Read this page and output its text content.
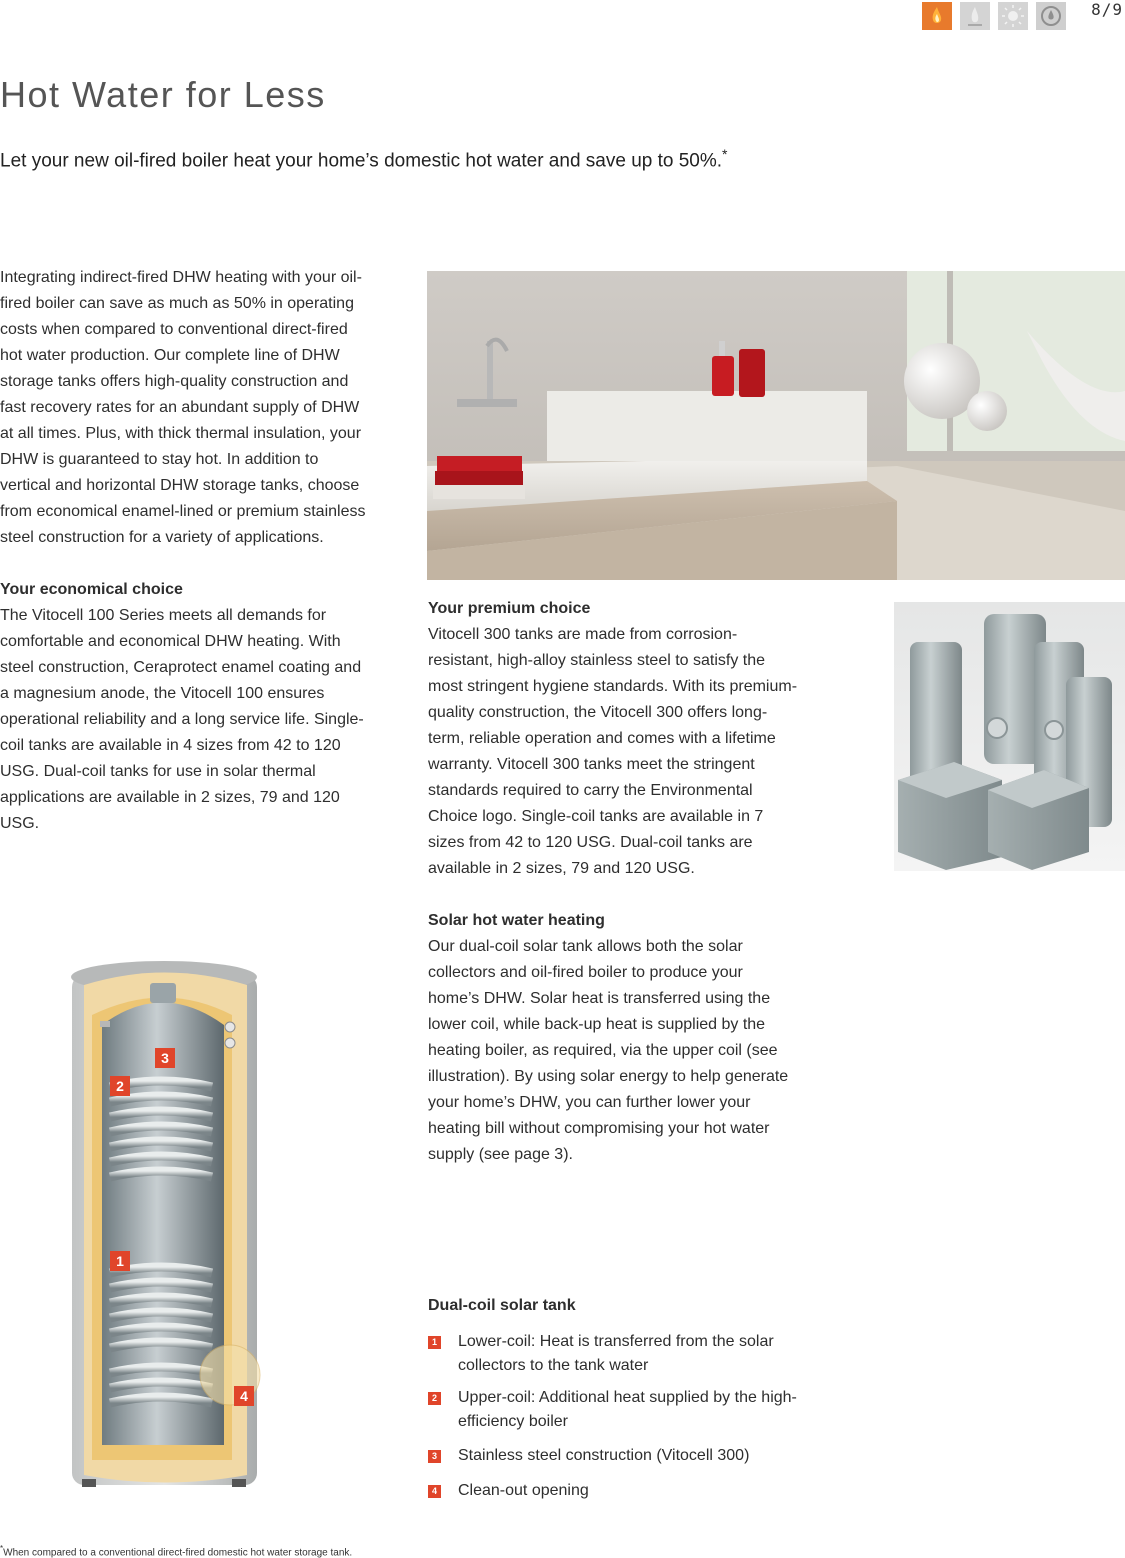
8/9
Hot Water for Less

Let your new oil-fired boiler heat your home’s domestic hot water and save up to 50%.*

Integrating indirect-fired DHW heating with your oil-fired boiler can save as much as 50% in operating costs when compared to conventional direct-fired hot water production. Our complete line of DHW storage tanks offers high-quality construction and fast recovery rates for an abundant supply of DHW at all times. Plus, with thick thermal insulation, your DHW is guaranteed to stay hot. In addition to vertical and horizontal DHW storage tanks, choose from economical enamel-lined or premium stainless steel construction for a variety of applications.

Your economical choice

The Vitocell 100 Series meets all demands for comfortable and economical DHW heating. With steel construction, Ceraprotect enamel coating and a magnesium anode, the Vitocell 100 ensures operational reliability and a long service life. Single-coil tanks are available in 4 sizes from 42 to 120 USG. Dual-coil tanks for use in solar thermal applications are available in 2 sizes, 79 and 120 USG.

Your premium choice

Vitocell 300 tanks are made from corrosion-resistant, high-alloy stainless steel to satisfy the most stringent hygiene standards. With its premium-quality construction, the Vitocell 300 offers long-term, reliable operation and comes with a lifetime warranty. Vitocell 300 tanks meet the stringent standards required to carry the Environmental Choice logo. Single-coil tanks are available in 7 sizes from 42 to 120 USG. Dual-coil tanks are available in 2 sizes, 79 and 120 USG.

Solar hot water heating

Our dual-coil solar tank allows both the solar collectors and oil-fired boiler to produce your home’s DHW. Solar heat is transferred using the lower coil, while back-up heat is supplied by the heating boiler, as required, via the upper coil (see illustration). By using solar energy to help generate your home’s DHW, you can further lower your heating bill without compromising your hot water supply (see page 3).

3
2
1
4

Dual-coil solar tank

1 Lower-coil: Heat is transferred from the solar collectors to the tank water
2 Upper-coil: Additional heat supplied by the high-efficiency boiler
3 Stainless steel construction (Vitocell 300)
4 Clean-out opening
*When compared to a conventional direct-fired domestic hot water storage tank.
